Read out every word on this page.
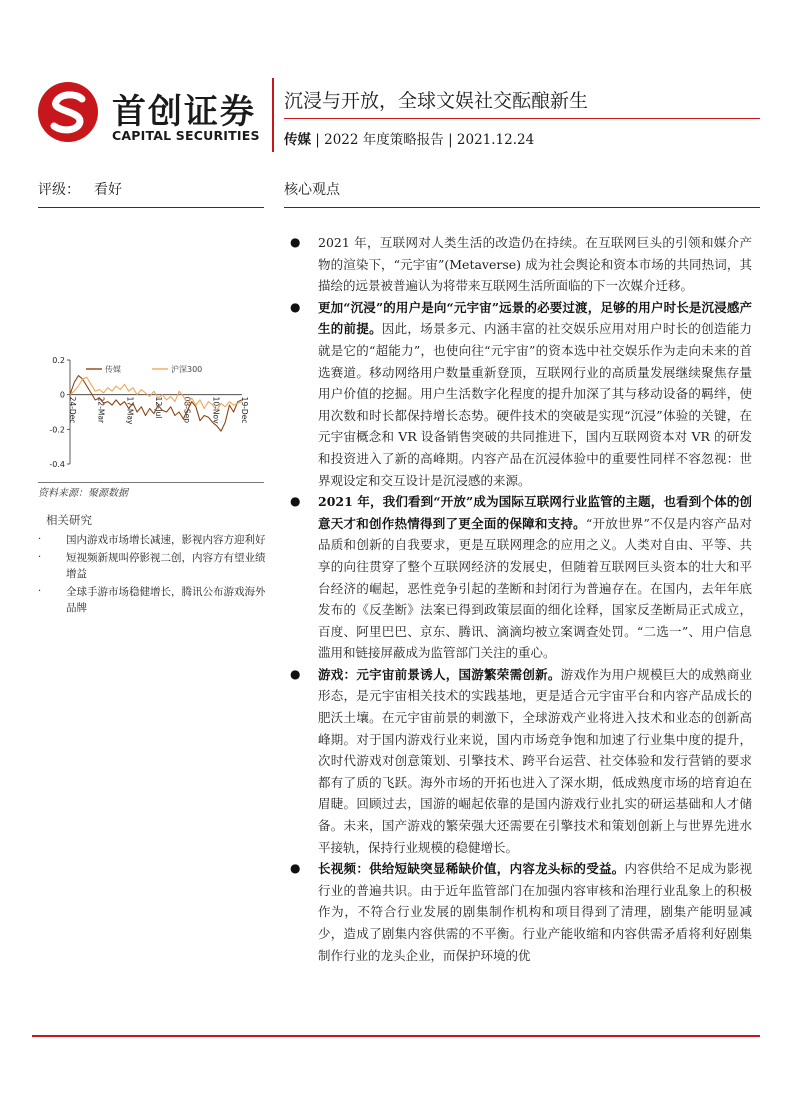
首创证券
CAPITAL SECURITIES
沉浸与开放，全球文娱社交酝酿新生
传媒 | 2022 年度策略报告 | 2021.12.24
评级： 看好
0.2
0
-0.2
-0.4
24-Dec	22-Mar	17-May	12-Jul	08-Sep	10-Nov	19-Dec
传媒	沪深300
资料来源：聚源数据
相关研究
· 国内游戏市场增长减速，影视内容方迎利好
· 短视频新规叫停影视二创，内容方有望业绩增益
· 全球手游市场稳健增长，腾讯公布游戏海外品牌
核心观点
● 2021 年，互联网对人类生活的改造仍在持续。在互联网巨头的引领和媒介产物的渲染下，“元宇宙”(Metaverse) 成为社会舆论和资本市场的共同热词，其描绘的远景被普遍认为将带来互联网生活所面临的下一次媒介迁移。
● 更加“沉浸”的用户是向“元宇宙”远景的必要过渡，足够的用户时长是沉浸感产生的前提。因此，场景多元、内涵丰富的社交娱乐应用对用户时长的创造能力就是它的“超能力”，也使向往“元宇宙”的资本选中社交娱乐作为走向未来的首选赛道。移动网络用户数量重新登顶，互联网行业的高质量发展继续聚焦存量用户价值的挖掘。用户生活数字化程度的提升加深了其与移动设备的羁绊，使用次数和时长都保持增长态势。硬件技术的突破是实现“沉浸”体验的关键，在元宇宙概念和 VR 设备销售突破的共同推进下，国内互联网资本对 VR 的研发和投资进入了新的高峰期。内容产品在沉浸体验中的重要性同样不容忽视：世界观设定和交互设计是沉浸感的来源。
● 2021 年，我们看到“开放”成为国际互联网行业监管的主题，也看到个体的创意天才和创作热情得到了更全面的保障和支持。“开放世界”不仅是内容产品对品质和创新的自我要求，更是互联网理念的应用之义。人类对自由、平等、共享的向往贯穿了整个互联网经济的发展史，但随着互联网巨头资本的壮大和平台经济的崛起，恶性竞争引起的垄断和封闭行为普遍存在。在国内，去年年底发布的《反垄断》法案已得到政策层面的细化诠释，国家反垄断局正式成立，百度、阿里巴巴、京东、腾讯、滴滴均被立案调查处罚。“二选一”、用户信息滥用和链接屏蔽成为监管部门关注的重心。
● 游戏：元宇宙前景诱人，国游繁荣需创新。游戏作为用户规模巨大的成熟商业形态，是元宇宙相关技术的实践基地，更是适合元宇宙平台和内容产品成长的肥沃土壤。在元宇宙前景的刺激下，全球游戏产业将进入技术和业态的创新高峰期。对于国内游戏行业来说，国内市场竞争饱和加速了行业集中度的提升，次时代游戏对创意策划、引擎技术、跨平台运营、社交体验和发行营销的要求都有了质的飞跃。海外市场的开拓也进入了深水期，低成熟度市场的培育迫在眉睫。回顾过去，国游的崛起依靠的是国内游戏行业扎实的研运基础和人才储备。未来，国产游戏的繁荣强大还需要在引擎技术和策划创新上与世界先进水平接轨，保持行业规模的稳健增长。
● 长视频：供给短缺突显稀缺价值，内容龙头标的受益。内容供给不足成为影视行业的普遍共识。由于近年监管部门在加强内容审核和治理行业乱象上的积极作为，不符合行业发展的剧集制作机构和项目得到了清理，剧集产能明显减少，造成了剧集内容供需的不平衡。行业产能收缩和内容供需矛盾将利好剧集制作行业的龙头企业，而保护环境的优
